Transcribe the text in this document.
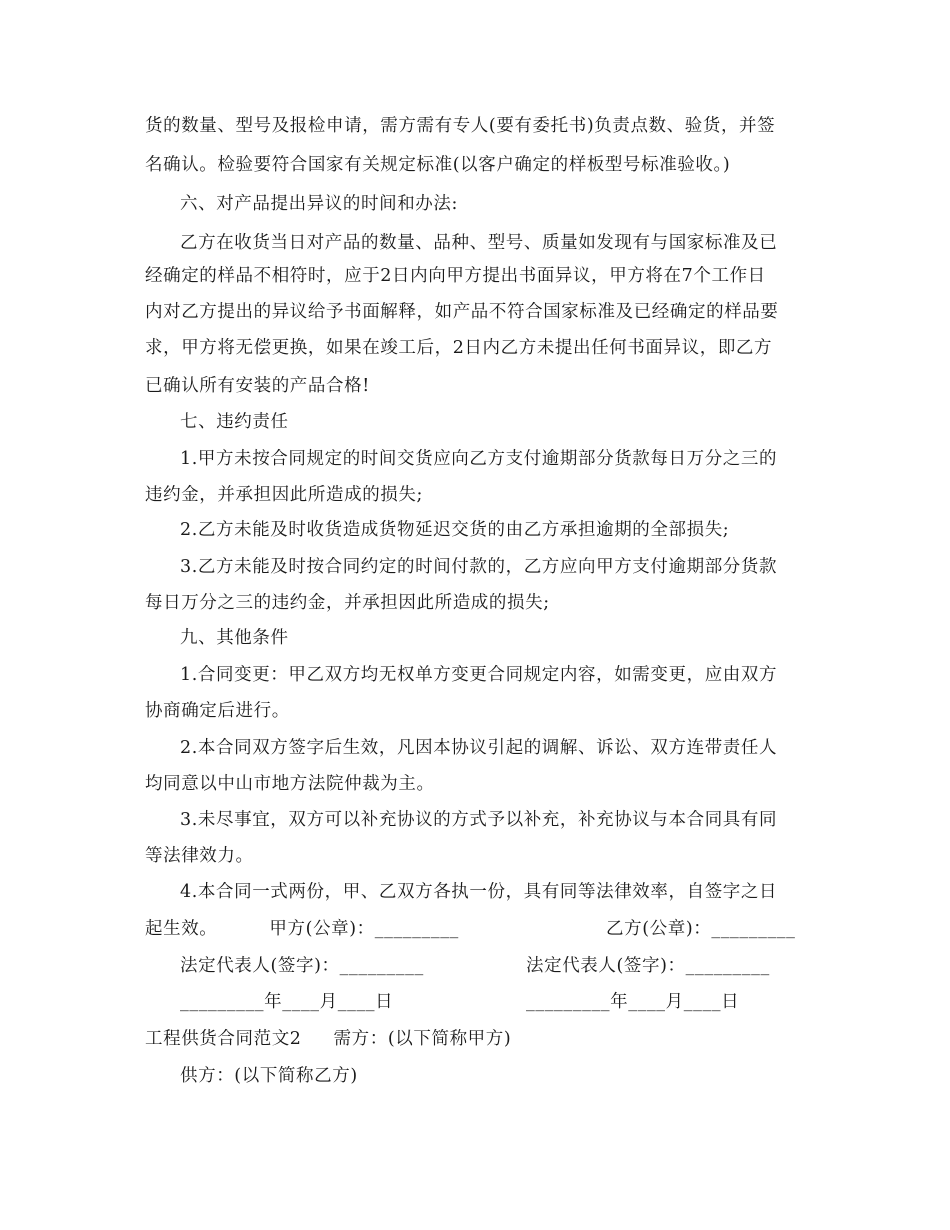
货的数量、型号及报检申请，需方需有专人(要有委托书)负责点数、验货，并签
名确认。检验要符合国家有关规定标准(以客户确定的样板型号标准验收。)
六、对产品提出异议的时间和办法:
乙方在收货当日对产品的数量、品种、型号、质量如发现有与国家标准及已
经确定的样品不相符时，应于2日内向甲方提出书面异议，甲方将在7个工作日
内对乙方提出的异议给予书面解释，如产品不符合国家标准及已经确定的样品要
求，甲方将无偿更换，如果在竣工后，2日内乙方未提出任何书面异议，即乙方
已确认所有安装的产品合格!
七、违约责任
1.甲方未按合同规定的时间交货应向乙方支付逾期部分货款每日万分之三的
违约金，并承担因此所造成的损失;
2.乙方未能及时收货造成货物延迟交货的由乙方承担逾期的全部损失;
3.乙方未能及时按合同约定的时间付款的，乙方应向甲方支付逾期部分货款
每日万分之三的违约金，并承担因此所造成的损失;
九、其他条件
1.合同变更：甲乙双方均无权单方变更合同规定内容，如需变更，应由双方
协商确定后进行。
2.本合同双方签字后生效，凡因本协议引起的调解、诉讼、双方连带责任人
均同意以中山市地方法院仲裁为主。
3.未尽事宜，双方可以补充协议的方式予以补充，补充协议与本合同具有同
等法律效力。
4.本合同一式两份，甲、乙双方各执一份，具有同等法律效率，自签字之日
起生效。	甲方(公章)：_________	乙方(公章)：_________
法定代表人(签字)：_________	法定代表人(签字)：_________
_________年____月____日	_________年____月____日
工程供货合同范文2 需方：(以下简称甲方)
供方：(以下简称乙方)
